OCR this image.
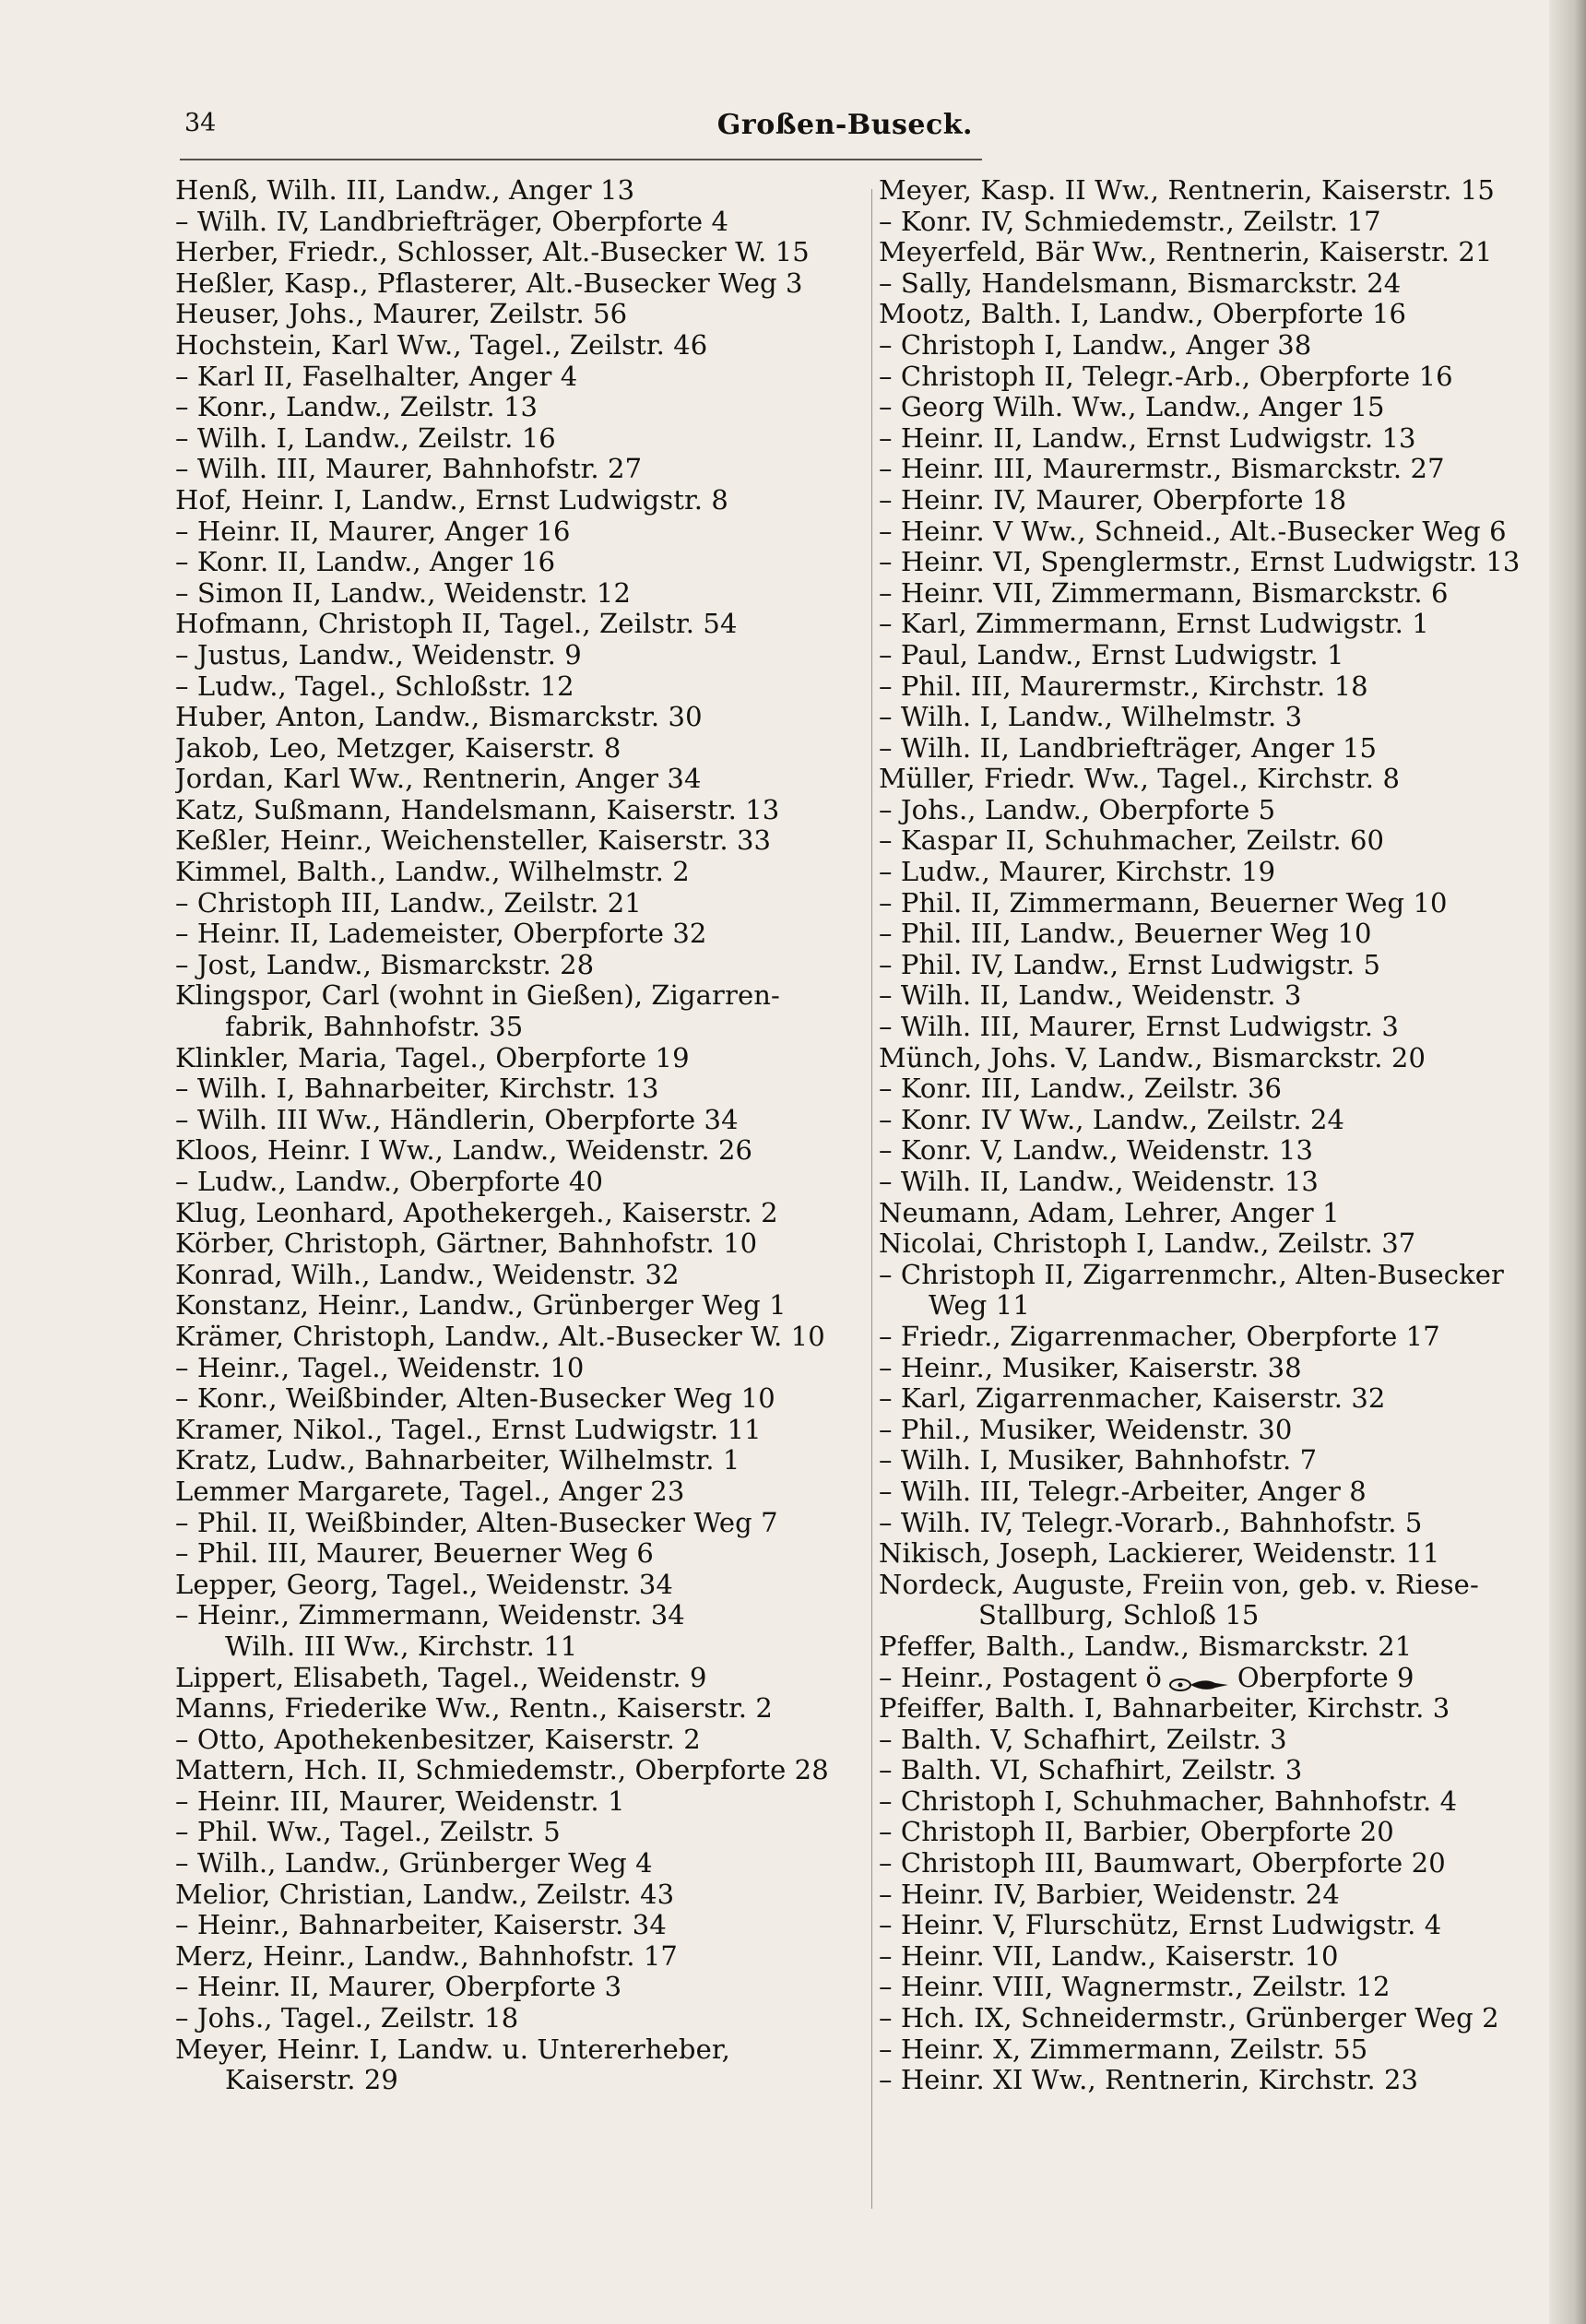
34	Großen-Buseck.
Henß, Wilh. III, Landw., Anger 13
– Wilh. IV, Landbriefträger, Oberpforte 4
Herber, Friedr., Schlosser, Alt.-Busecker W. 15
Heßler, Kasp., Pflasterer, Alt.-Busecker Weg 3
Heuser, Johs., Maurer, Zeilstr. 56
Hochstein, Karl Ww., Tagel., Zeilstr. 46
– Karl II, Faselhalter, Anger 4
– Konr., Landw., Zeilstr. 13
– Wilh. I, Landw., Zeilstr. 16
– Wilh. III, Maurer, Bahnhofstr. 27
Hof, Heinr. I, Landw., Ernst Ludwigstr. 8
– Heinr. II, Maurer, Anger 16
– Konr. II, Landw., Anger 16
– Simon II, Landw., Weidenstr. 12
Hofmann, Christoph II, Tagel., Zeilstr. 54
– Justus, Landw., Weidenstr. 9
– Ludw., Tagel., Schloßstr. 12
Huber, Anton, Landw., Bismarckstr. 30
Jakob, Leo, Metzger, Kaiserstr. 8
Jordan, Karl Ww., Rentnerin, Anger 34
Katz, Sußmann, Handelsmann, Kaiserstr. 13
Keßler, Heinr., Weichensteller, Kaiserstr. 33
Kimmel, Balth., Landw., Wilhelmstr. 2
– Christoph III, Landw., Zeilstr. 21
– Heinr. II, Lademeister, Oberpforte 32
– Jost, Landw., Bismarckstr. 28
Klingspor, Carl (wohnt in Gießen), Zigarren-
fabrik, Bahnhofstr. 35
Klinkler, Maria, Tagel., Oberpforte 19
– Wilh. I, Bahnarbeiter, Kirchstr. 13
– Wilh. III Ww., Händlerin, Oberpforte 34
Kloos, Heinr. I Ww., Landw., Weidenstr. 26
– Ludw., Landw., Oberpforte 40
Klug, Leonhard, Apothekergeh., Kaiserstr. 2
Körber, Christoph, Gärtner, Bahnhofstr. 10
Konrad, Wilh., Landw., Weidenstr. 32
Konstanz, Heinr., Landw., Grünberger Weg 1
Krämer, Christoph, Landw., Alt.-Busecker W. 10
– Heinr., Tagel., Weidenstr. 10
– Konr., Weißbinder, Alten-Busecker Weg 10
Kramer, Nikol., Tagel., Ernst Ludwigstr. 11
Kratz, Ludw., Bahnarbeiter, Wilhelmstr. 1
Lemmer Margarete, Tagel., Anger 23
– Phil. II, Weißbinder, Alten-Busecker Weg 7
– Phil. III, Maurer, Beuerner Weg 6
Lepper, Georg, Tagel., Weidenstr. 34
– Heinr., Zimmermann, Weidenstr. 34
Wilh. III Ww., Kirchstr. 11
Lippert, Elisabeth, Tagel., Weidenstr. 9
Manns, Friederike Ww., Rentn., Kaiserstr. 2
– Otto, Apothekenbesitzer, Kaiserstr. 2
Mattern, Hch. II, Schmiedemstr., Oberpforte 28
– Heinr. III, Maurer, Weidenstr. 1
– Phil. Ww., Tagel., Zeilstr. 5
– Wilh., Landw., Grünberger Weg 4
Melior, Christian, Landw., Zeilstr. 43
– Heinr., Bahnarbeiter, Kaiserstr. 34
Merz, Heinr., Landw., Bahnhofstr. 17
– Heinr. II, Maurer, Oberpforte 3
– Johs., Tagel., Zeilstr. 18
Meyer, Heinr. I, Landw. u. Untererheber,
Kaiserstr. 29
Meyer, Kasp. II Ww., Rentnerin, Kaiserstr. 15
– Konr. IV, Schmiedemstr., Zeilstr. 17
Meyerfeld, Bär Ww., Rentnerin, Kaiserstr. 21
– Sally, Handelsmann, Bismarckstr. 24
Mootz, Balth. I, Landw., Oberpforte 16
– Christoph I, Landw., Anger 38
– Christoph II, Telegr.-Arb., Oberpforte 16
– Georg Wilh. Ww., Landw., Anger 15
– Heinr. II, Landw., Ernst Ludwigstr. 13
– Heinr. III, Maurermstr., Bismarckstr. 27
– Heinr. IV, Maurer, Oberpforte 18
– Heinr. V Ww., Schneid., Alt.-Busecker Weg 6
– Heinr. VI, Spenglermstr., Ernst Ludwigstr. 13
– Heinr. VII, Zimmermann, Bismarckstr. 6
– Karl, Zimmermann, Ernst Ludwigstr. 1
– Paul, Landw., Ernst Ludwigstr. 1
– Phil. III, Maurermstr., Kirchstr. 18
– Wilh. I, Landw., Wilhelmstr. 3
– Wilh. II, Landbriefträger, Anger 15
Müller, Friedr. Ww., Tagel., Kirchstr. 8
– Johs., Landw., Oberpforte 5
– Kaspar II, Schuhmacher, Zeilstr. 60
– Ludw., Maurer, Kirchstr. 19
– Phil. II, Zimmermann, Beuerner Weg 10
– Phil. III, Landw., Beuerner Weg 10
– Phil. IV, Landw., Ernst Ludwigstr. 5
– Wilh. II, Landw., Weidenstr. 3
– Wilh. III, Maurer, Ernst Ludwigstr. 3
Münch, Johs. V, Landw., Bismarckstr. 20
– Konr. III, Landw., Zeilstr. 36
– Konr. IV Ww., Landw., Zeilstr. 24
– Konr. V, Landw., Weidenstr. 13
– Wilh. II, Landw., Weidenstr. 13
Neumann, Adam, Lehrer, Anger 1
Nicolai, Christoph I, Landw., Zeilstr. 37
– Christoph II, Zigarrenmchr., Alten-Busecker
Weg 11
– Friedr., Zigarrenmacher, Oberpforte 17
– Heinr., Musiker, Kaiserstr. 38
– Karl, Zigarrenmacher, Kaiserstr. 32
– Phil., Musiker, Weidenstr. 30
– Wilh. I, Musiker, Bahnhofstr. 7
– Wilh. III, Telegr.-Arbeiter, Anger 8
– Wilh. IV, Telegr.-Vorarb., Bahnhofstr. 5
Nikisch, Joseph, Lackierer, Weidenstr. 11
Nordeck, Auguste, Freiin von, geb. v. Riese-
Stallburg, Schloß 15
Pfeffer, Balth., Landw., Bismarckstr. 21
– Heinr., Postagent ö	Oberpforte 9
Pfeiffer, Balth. I, Bahnarbeiter, Kirchstr. 3
– Balth. V, Schafhirt, Zeilstr. 3
– Balth. VI, Schafhirt, Zeilstr. 3
– Christoph I, Schuhmacher, Bahnhofstr. 4
– Christoph II, Barbier, Oberpforte 20
– Christoph III, Baumwart, Oberpforte 20
– Heinr. IV, Barbier, Weidenstr. 24
– Heinr. V, Flurschütz, Ernst Ludwigstr. 4
– Heinr. VII, Landw., Kaiserstr. 10
– Heinr. VIII, Wagnermstr., Zeilstr. 12
– Hch. IX, Schneidermstr., Grünberger Weg 2
– Heinr. X, Zimmermann, Zeilstr. 55
– Heinr. XI Ww., Rentnerin, Kirchstr. 23
